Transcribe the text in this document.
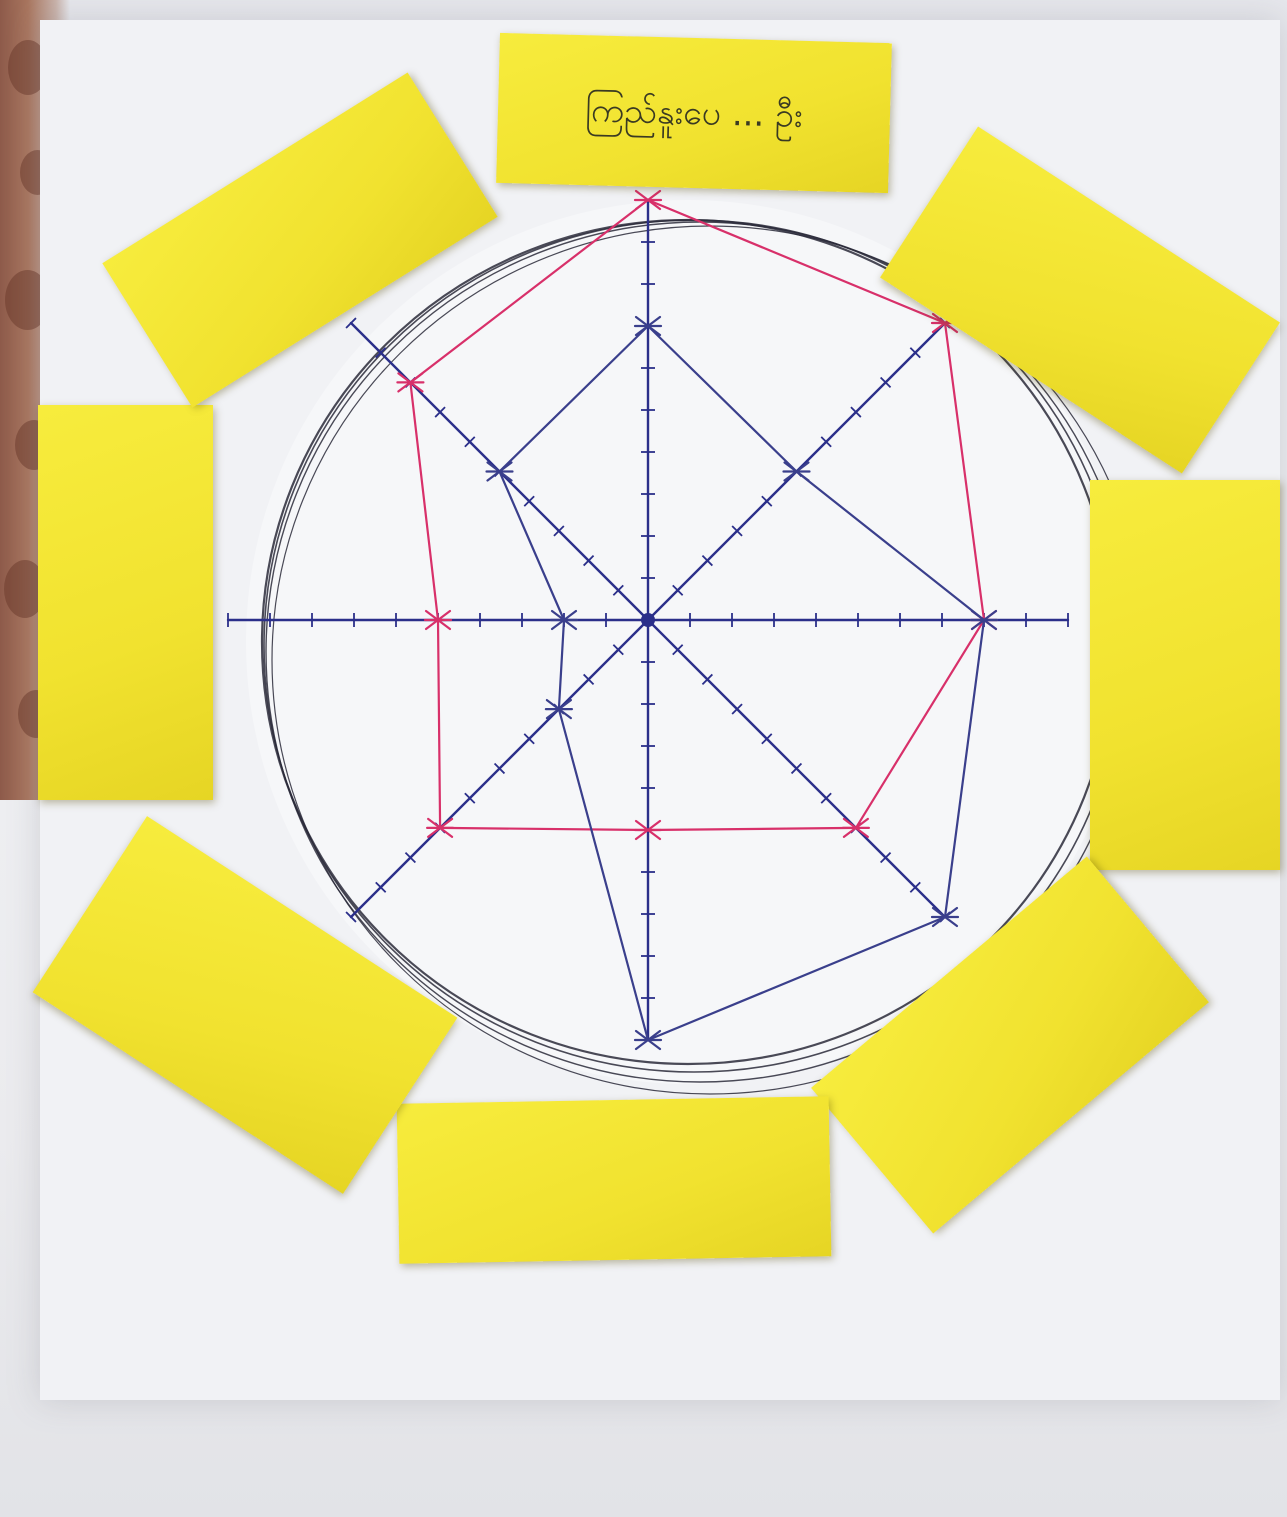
ကြည်နူးပေ ... ဦး
